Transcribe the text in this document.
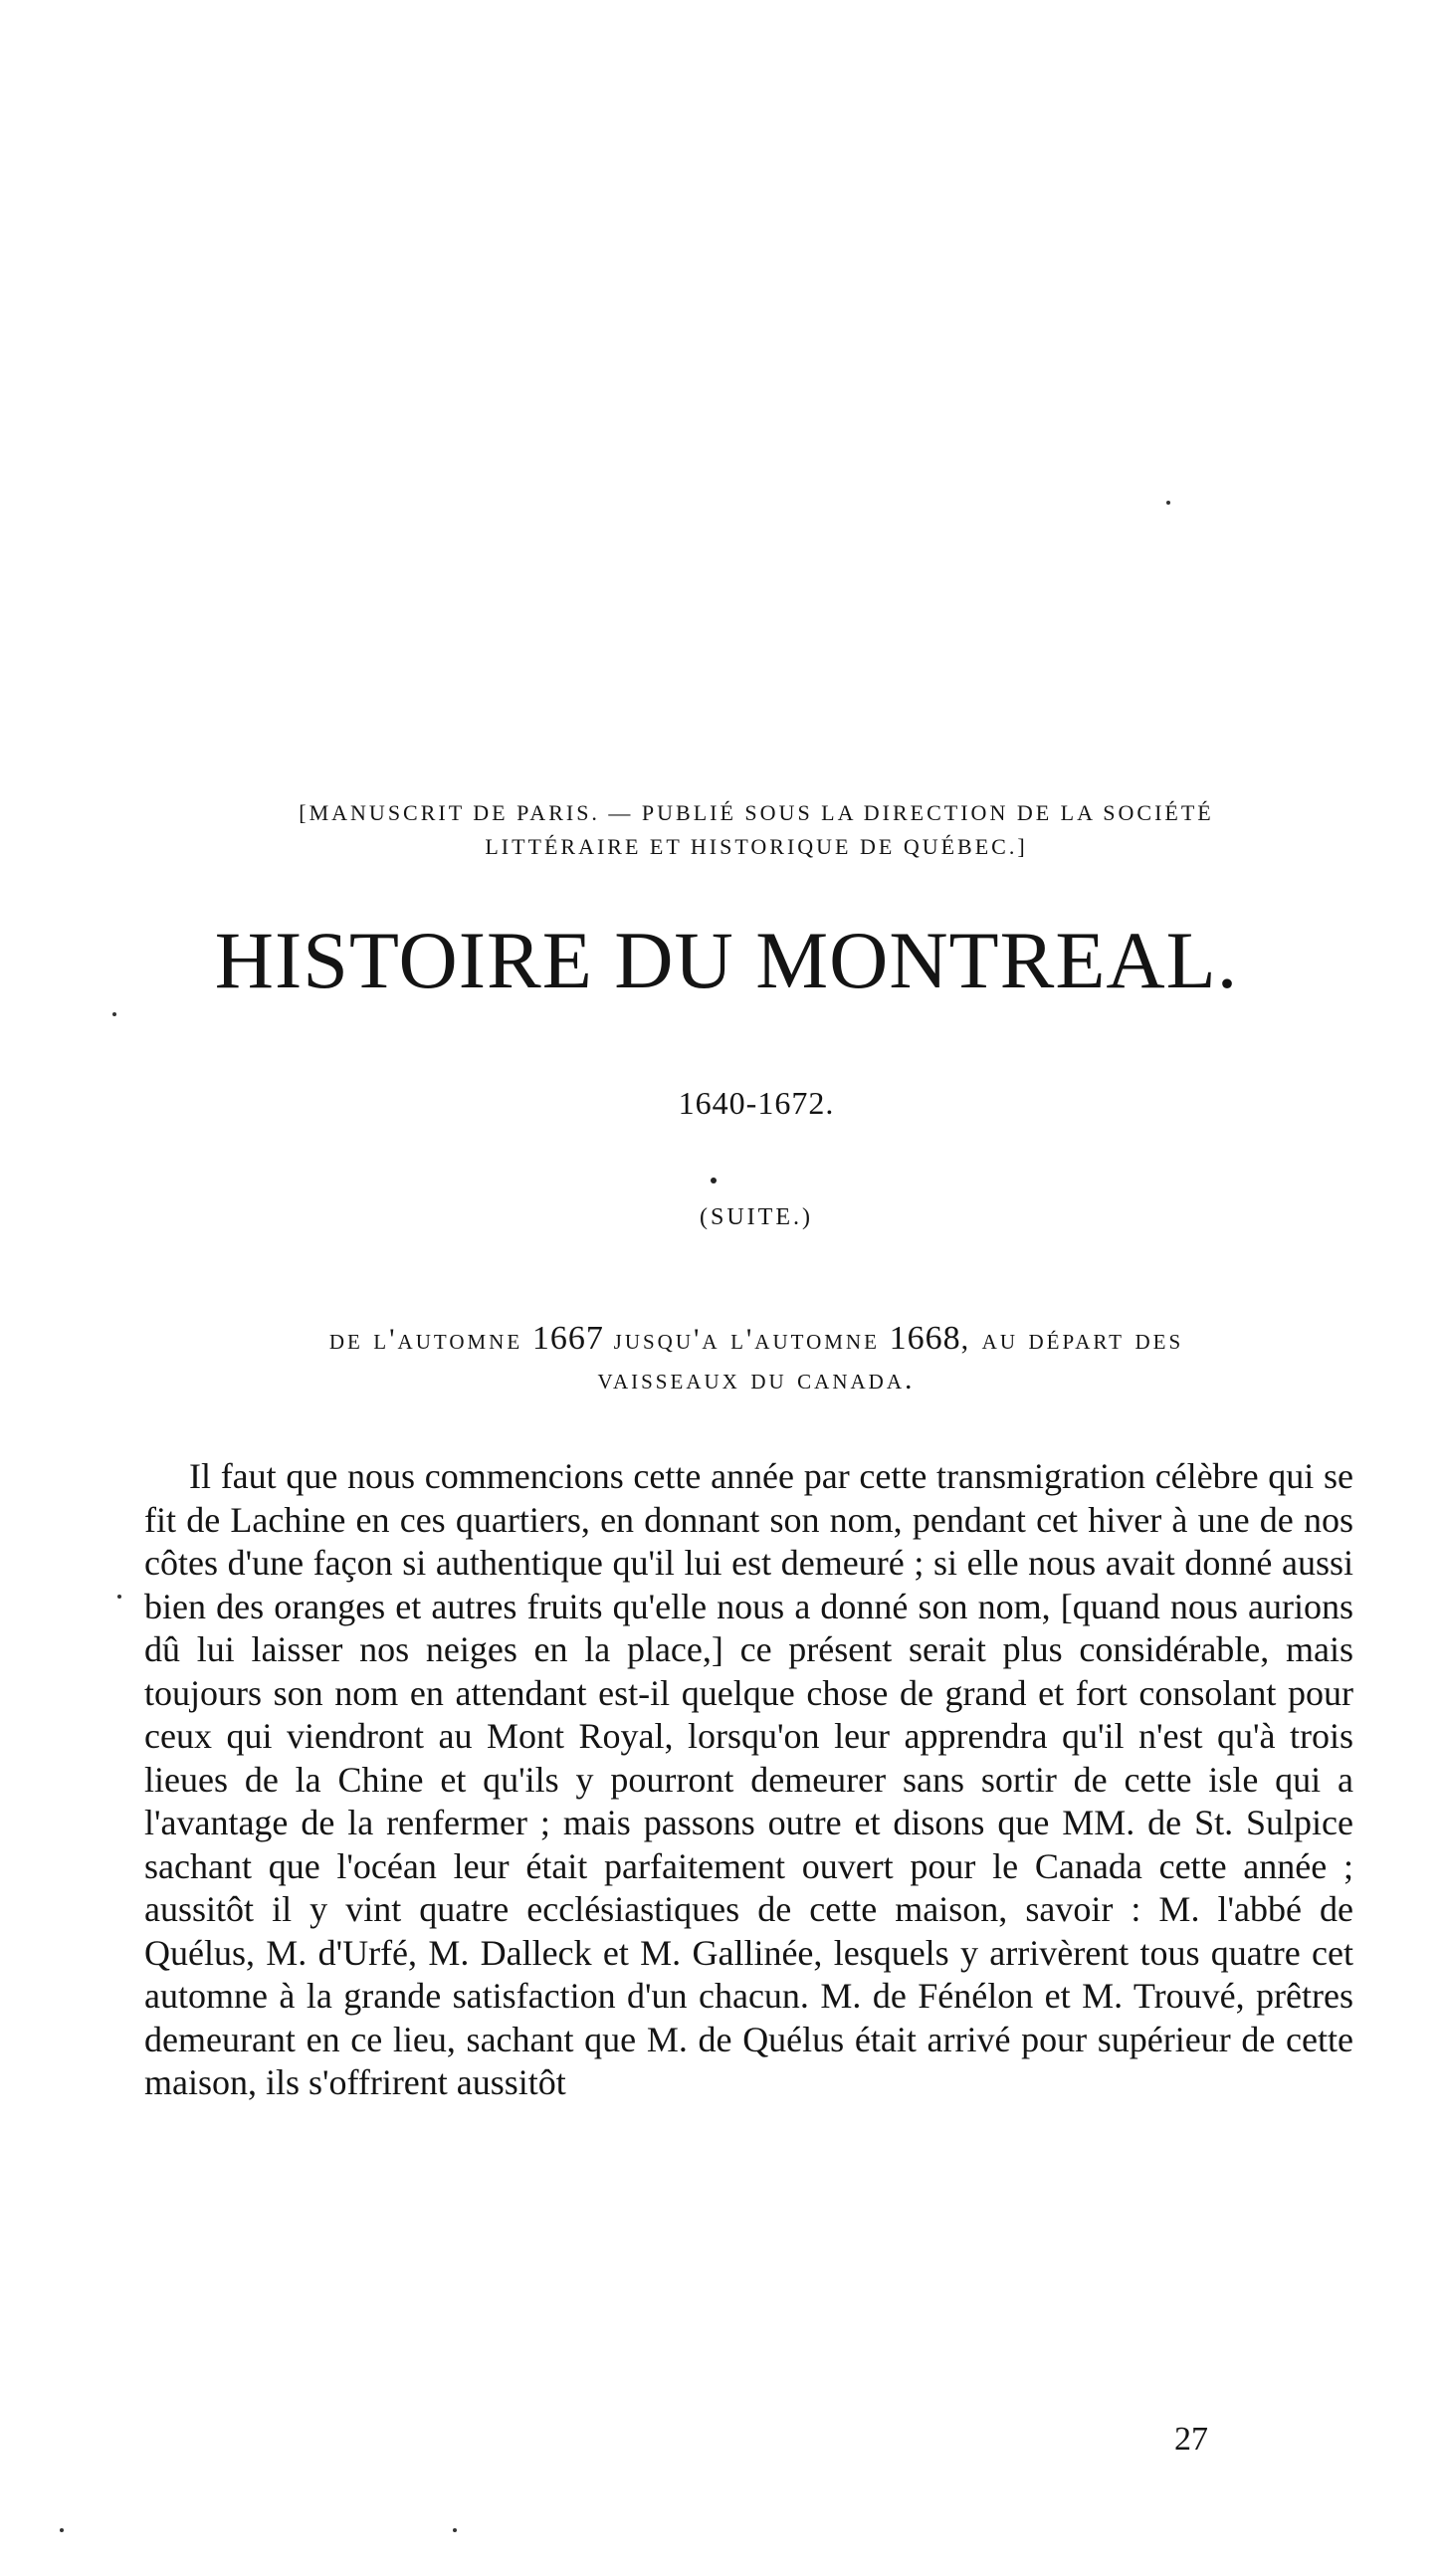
[MANUSCRIT DE PARIS. — PUBLIÉ SOUS LA DIRECTION DE LA SOCIÉTÉ
LITTÉRAIRE ET HISTORIQUE DE QUÉBEC.]
HISTOIRE DU MONTREAL.
1640-1672.
(SUITE.)
de l'automne 1667 jusqu'a l'automne 1668, au départ des
vaisseaux du canada.

Il faut que nous commencions cette année par cette transmigration célèbre qui se fit de Lachine en ces quartiers, en donnant son nom, pendant cet hiver à une de nos côtes d'une façon si authentique qu'il lui est demeuré ; si elle nous avait donné aussi bien des oranges et autres fruits qu'elle nous a donné son nom, [quand nous aurions dû lui laisser nos neiges en la place,] ce présent serait plus considérable, mais toujours son nom en attendant est-il quelque chose de grand et fort consolant pour ceux qui viendront au Mont Royal, lorsqu'on leur apprendra qu'il n'est qu'à trois lieues de la Chine et qu'ils y pourront demeurer sans sortir de cette isle qui a l'avantage de la renfermer ; mais passons outre et disons que MM. de St. Sulpice sachant que l'océan leur était parfaitement ouvert pour le Canada cette année ; aussitôt il y vint quatre ecclésiastiques de cette maison, savoir : M. l'abbé de Quélus, M. d'Urfé, M. Dalleck et M. Gallinée, lesquels y arrivèrent tous quatre cet automne à la grande satisfaction d'un chacun. M. de Fénélon et M. Trouvé, prêtres demeurant en ce lieu, sachant que M. de Quélus était arrivé pour supérieur de cette maison, ils s'offrirent aussitôt

27
